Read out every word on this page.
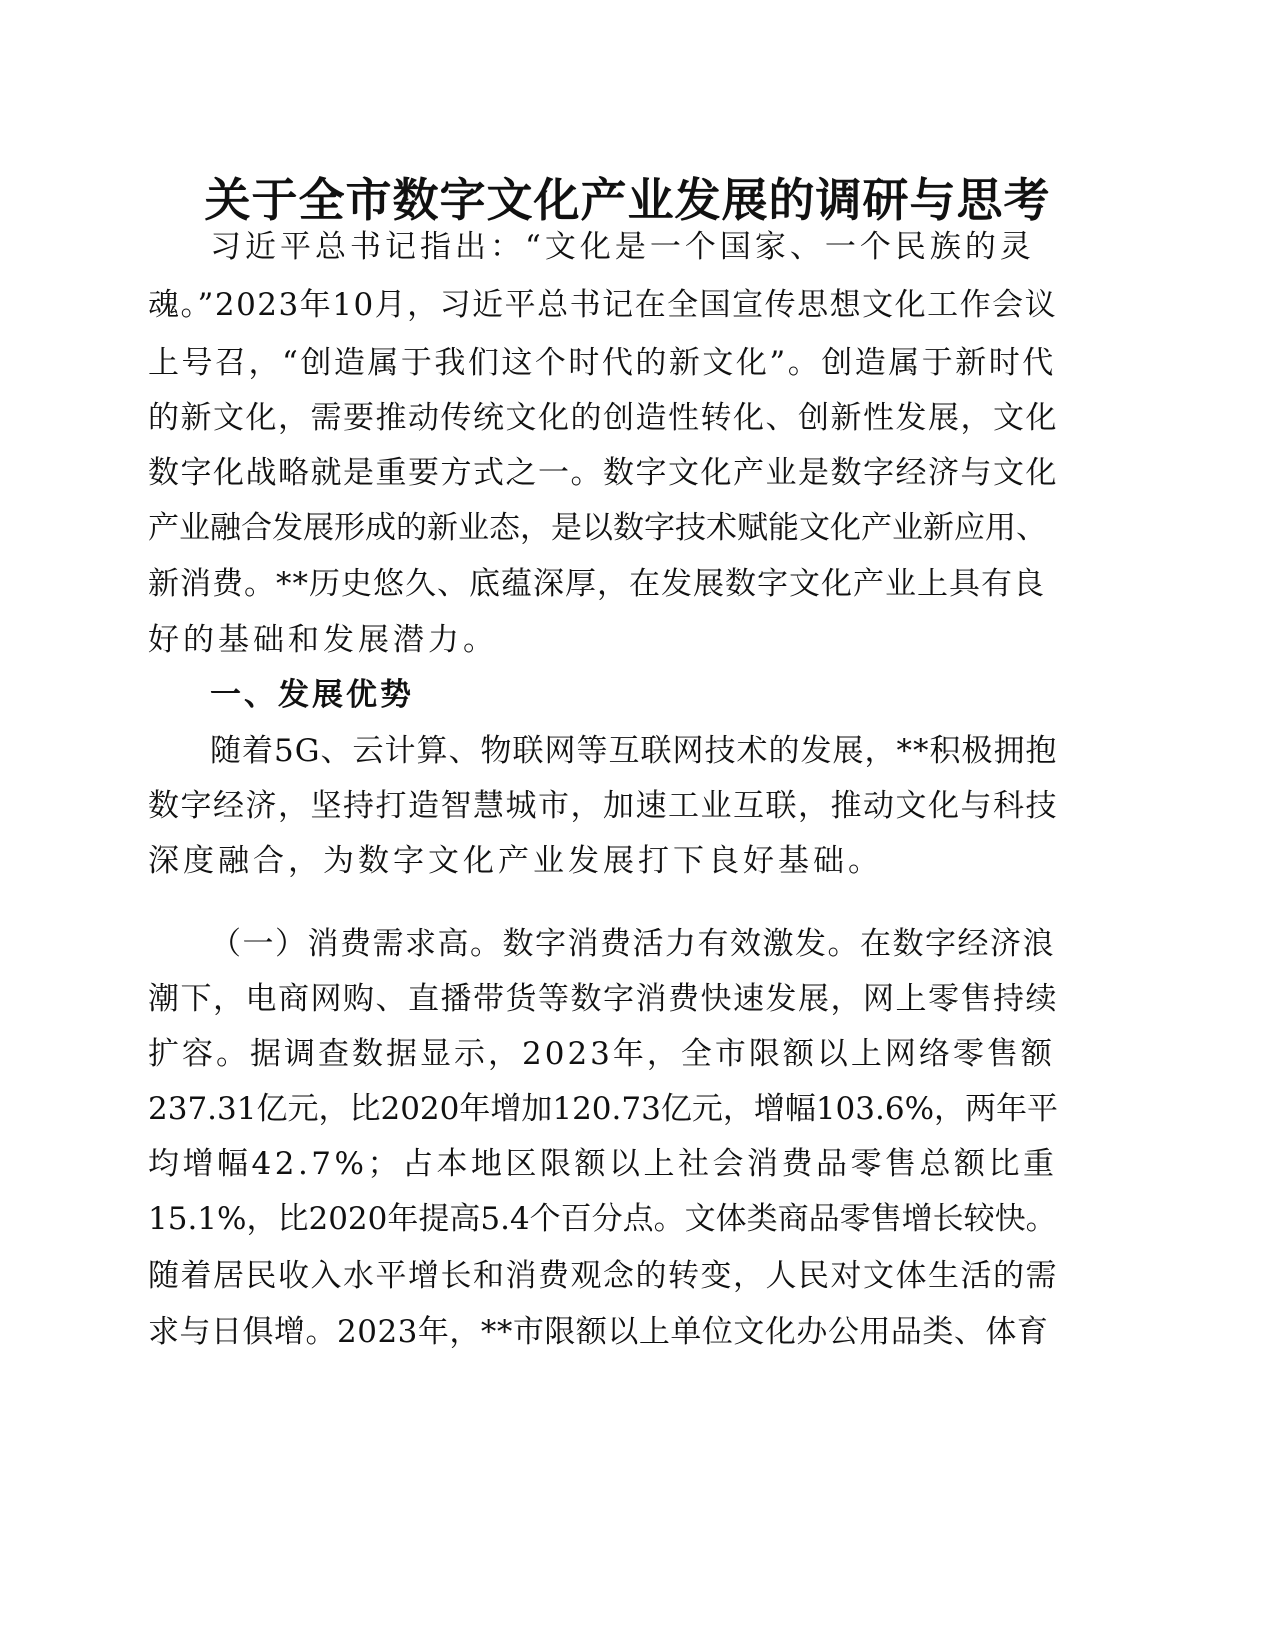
关于全市数字文化产业发展的调研与思考

习近平总书记指出：“文化是一个国家、一个民族的灵

魂。”2023年10月，习近平总书记在全国宣传思想文化工作会议

上号召，“创造属于我们这个时代的新文化”。创造属于新时代

的新文化，需要推动传统文化的创造性转化、创新性发展，文化

数字化战略就是重要方式之一。数字文化产业是数字经济与文化

产业融合发展形成的新业态，是以数字技术赋能文化产业新应用、

新消费。**历史悠久、底蕴深厚，在发展数字文化产业上具有良

好的基础和发展潜力。

一、发展优势

随着5G、云计算、物联网等互联网技术的发展，**积极拥抱

数字经济，坚持打造智慧城市，加速工业互联，推动文化与科技

深度融合，为数字文化产业发展打下良好基础。

（一）消费需求高。数字消费活力有效激发。在数字经济浪

潮下，电商网购、直播带货等数字消费快速发展，网上零售持续

扩容。据调查数据显示，2023年，全市限额以上网络零售额

237.31亿元，比2020年增加120.73亿元，增幅103.6%，两年平

均增幅42.7%；占本地区限额以上社会消费品零售总额比重

15.1%，比2020年提高5.4个百分点。文体类商品零售增长较快。

随着居民收入水平增长和消费观念的转变，人民对文体生活的需

求与日俱增。2023年，**市限额以上单位文化办公用品类、体育
